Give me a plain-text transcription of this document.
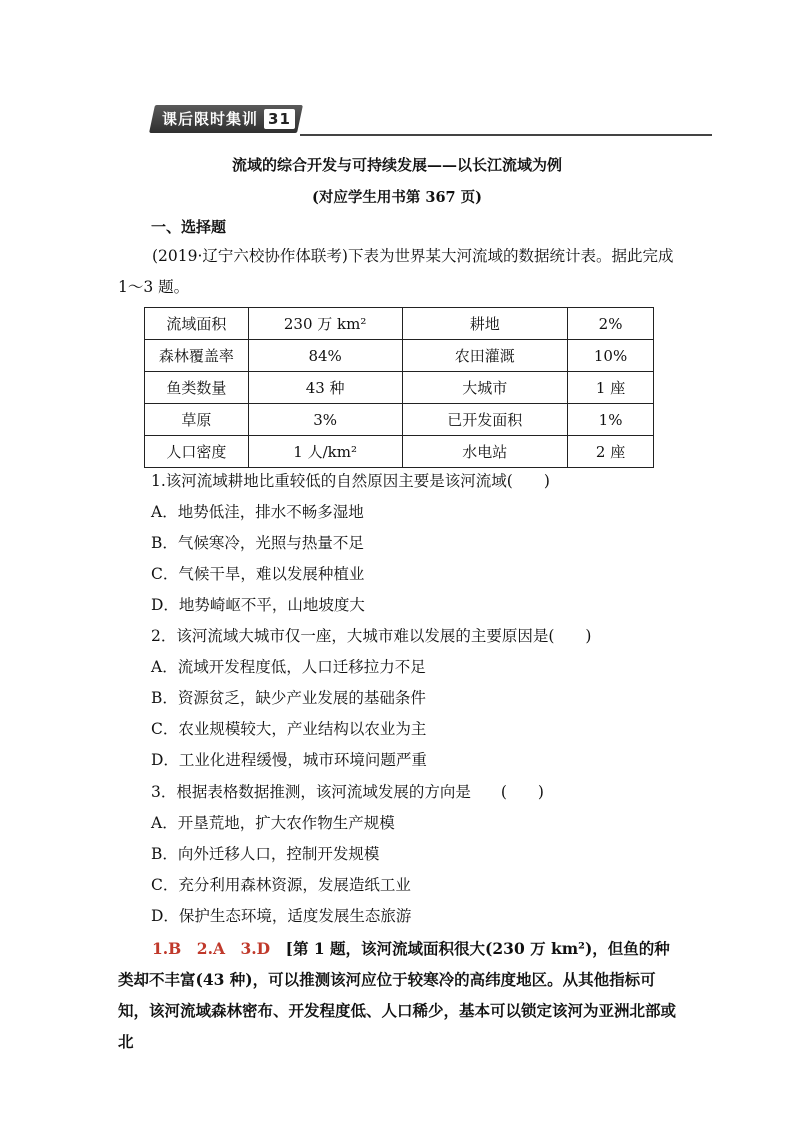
课后限时集训 31
流域的综合开发与可持续发展——以长江流域为例
(对应学生用书第 367 页)
一、选择题

(2019·辽宁六校协作体联考)下表为世界某大河流域的数据统计表。据此完成 1～3 题。

流域面积	230 万 km²	耕地	2%
森林覆盖率	84%	农田灌溉	10%
鱼类数量	43 种	大城市	1 座
草原	3%	已开发面积	1%
人口密度	1 人/km²	水电站	2 座
1.该河流域耕地比重较低的自然原因主要是该河流域(　　)
A．地势低洼，排水不畅多湿地
B．气候寒冷，光照与热量不足
C．气候干旱，难以发展种植业
D．地势崎岖不平，山地坡度大
2．该河流域大城市仅一座，大城市难以发展的主要原因是(　　)
A．流域开发程度低，人口迁移拉力不足
B．资源贫乏，缺少产业发展的基础条件
C．农业规模较大，产业结构以农业为主
D．工业化进程缓慢，城市环境问题严重
3．根据表格数据推测，该河流域发展的方向是 (　　)
A．开垦荒地，扩大农作物生产规模
B．向外迁移人口，控制开发规模
C．充分利用森林资源，发展造纸工业
D．保护生态环境，适度发展生态旅游

1.B　2.A　3.D　 [第 1 题，该河流域面积很大(230 万 km²)，但鱼的种类却不丰富(43 种)，可以推测该河应位于较寒冷的高纬度地区。从其他指标可知，该河流域森林密布、开发程度低、人口稀少，基本可以锁定该河为亚洲北部或北
